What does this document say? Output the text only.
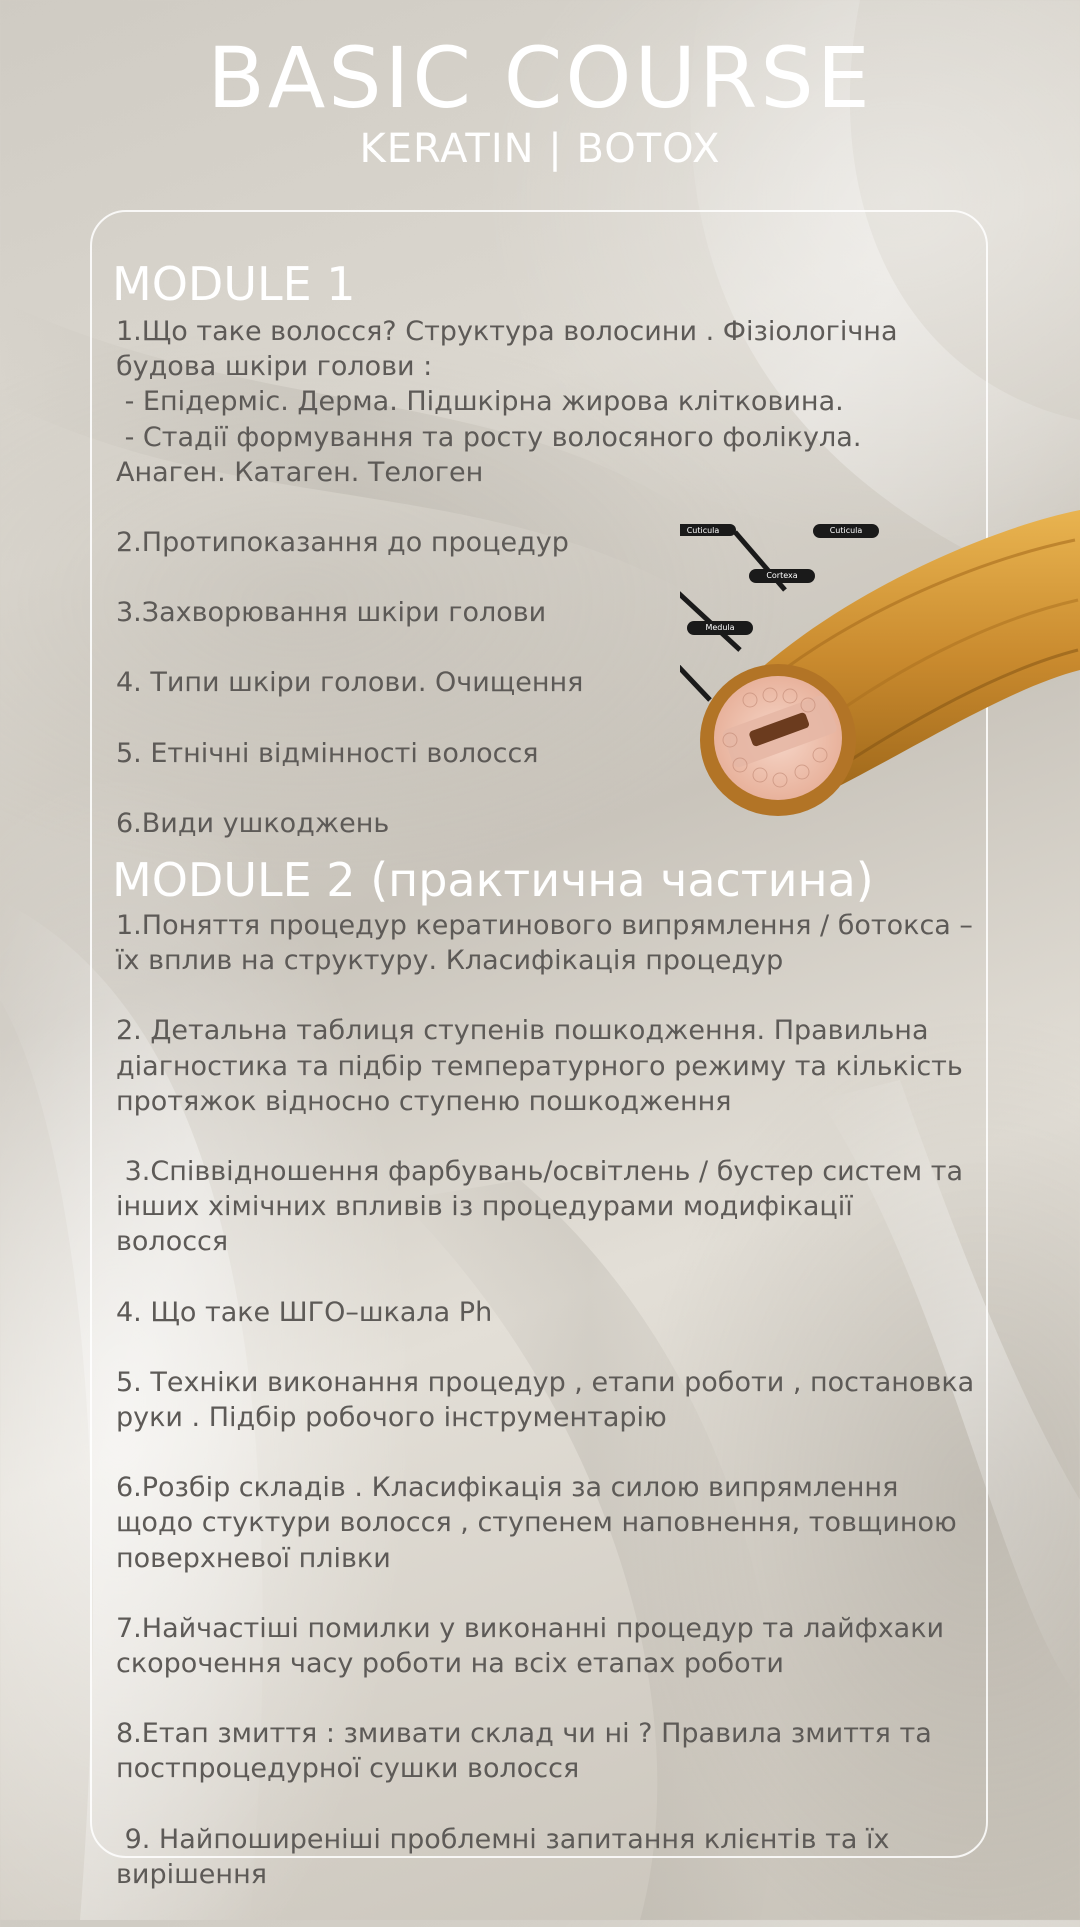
BASIC COURSE
KERATIN | BOTOX
MODULE 1
1.Що таке волосся? Структура волосини . Фізіологічна
будова шкіри голови :
- Епідерміс. Дерма. Підшкірна жирова клітковина.
- Стадії формування та росту волосяного фолікула.
Анаген. Катаген. Телоген
2.Протипоказання до процедур
3.Захворювання шкіри голови
4. Типи шкіри голови. Очищення
5. Етнічні відмінності волосся
6.Види ушкоджень
MODULE 2 (практична частина)
1.Поняття процедур кератинового випрямлення / ботокса –
їх вплив на структуру. Класифікація процедур
2. Детальна таблиця ступенів пошкодження. Правильна
діагностика та підбір температурного режиму та кількість
протяжок відносно ступеню пошкодження
3.Співвідношення фарбувань/освітлень / бустер систем та
інших хімічних впливів із процедурами модифікації
волосся
4. Що таке ШГО–шкала Ph
5. Техніки виконання процедур , етапи роботи , постановка
руки . Підбір робочого інструментарію
6.Розбір складів . Класифікація за силою випрямлення
щодо стуктури волосся , ступенем наповнення, товщиною
поверхневої плівки
7.Найчастіші помилки у виконанні процедур та лайфхаки
скорочення часу роботи на всіх етапах роботи
8.Етап змиття : змивати склад чи ні ? Правила змиття та
постпроцедурної сушки волосся
9. Найпоширеніші проблемні запитання клієнтів та їх
вирішення
Cuticula	Cuticula
Cortexa
Medula
